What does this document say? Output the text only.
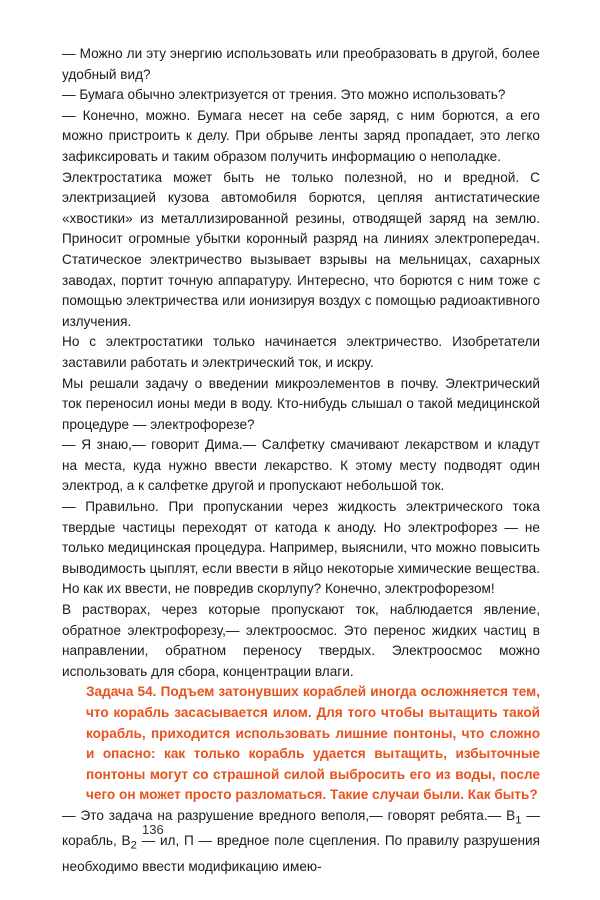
— Можно ли эту энергию использовать или преобразовать в другой, более удобный вид?

— Бумага обычно электризуется от трения. Это можно использовать?

— Конечно, можно. Бумага несет на себе заряд, с ним борются, а его можно пристроить к делу. При обрыве ленты заряд пропадает, это легко зафиксировать и таким образом получить информацию о неполадке.

Электростатика может быть не только полезной, но и вредной. С электризацией кузова автомобиля борются, цепляя антистатические «хвостики» из металлизированной резины, отводящей заряд на землю. Приносит огромные убытки коронный разряд на линиях электропередач. Статическое электричество вызывает взрывы на мельницах, сахарных заводах, портит точную аппаратуру. Интересно, что борются с ним тоже с помощью электричества или ионизируя воздух с помощью радиоактивного излучения.

Но с электростатики только начинается электричество. Изобретатели заставили работать и электрический ток, и искру.

Мы решали задачу о введении микроэлементов в почву. Электрический ток переносил ионы меди в воду. Кто-нибудь слышал о такой медицинской процедуре — электрофорезе?

— Я знаю,— говорит Дима.— Салфетку смачивают лекарством и кладут на места, куда нужно ввести лекарство. К этому месту подводят один электрод, а к салфетке другой и пропускают небольшой ток.

— Правильно. При пропускании через жидкость электрического тока твердые частицы переходят от катода к аноду. Но электрофорез — не только медицинская процедура. Например, выяснили, что можно повысить выводимость цыплят, если ввести в яйцо некоторые химические вещества. Но как их ввести, не повредив скорлупу? Конечно, электрофорезом!

В растворах, через которые пропускают ток, наблюдается явление, обратное электрофорезу,— электроосмос. Это перенос жидких частиц в направлении, обратном переносу твердых. Электроосмос можно использовать для сбора, концентрации влаги.

Задача 54. Подъем затонувших кораблей иногда осложняется тем, что корабль засасывается илом. Для того чтобы вытащить такой корабль, приходится использовать лишние понтоны, что сложно и опасно: как только корабль удается вытащить, избыточные понтоны могут со страшной силой выбросить его из воды, после чего он может просто разломаться. Такие случаи были. Как быть?

— Это задача на разрушение вредного веполя,— говорят ребята.— $B_1$ — корабль, $B_2$ — ил, П — вредное поле сцепления. По правилу разрушения необходимо ввести модификацию имею-

136
